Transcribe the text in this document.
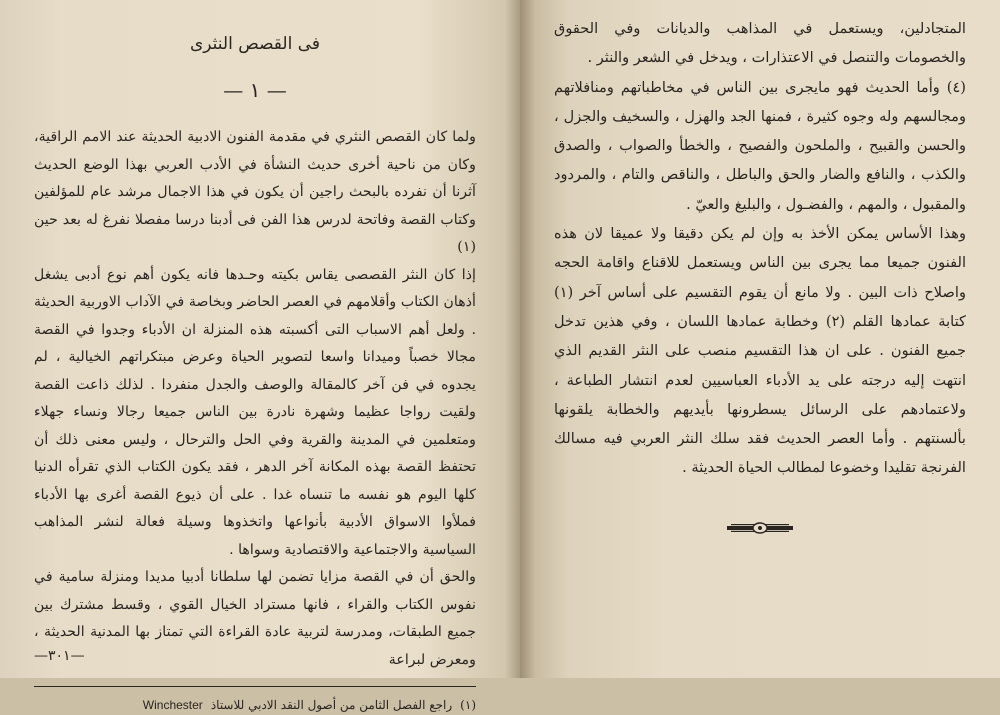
فى القصص النثرى
— ١ —

ولما كان القصص النثري في مقدمة الفنون الادبية الحديثة عند الامم الراقية، وكان من ناحية أخرى حديث النشأة في الأدب العربي بهذا الوضع الحديث آثرنا أن نفرده بالبحث راجين أن يكون في هذا الاجمال مرشد عام للمؤلفين وكتاب القصة وفاتحة لدرس هذا الفن فى أدبنا درسا مفصلا نفرغ له بعد حين (١)

إذا كان النثر القصصى يقاس بكيته وحـدها فانه يكون أهم نوع أدبى يشغل أذهان الكتاب وأقلامهم في العصر الحاضر وبخاصة في الآداب الاوربية الحديثة . ولعل أهم الاسباب التى أكسبته هذه المنزلة ان الأدباء وجدوا في القصة مجالا خصباً وميدانا واسعا لتصوير الحياة وعرض مبتكراتهم الخيالية ، لم يجدوه في فن آخر كالمقالة والوصف والجدل منفردا . لذلك ذاعت القصة ولقيت رواجا عظيما وشهرة نادرة بين الناس جميعا رجالا ونساء جهلاء ومتعلمين في المدينة والقرية وفي الحل والترحال ، وليس معنى ذلك أن تحتفظ القصة بهذه المكانة آخر الدهر ، فقد يكون الكتاب الذي تقرأه الدنيا كلها اليوم هو نفسه ما تنساه غدا . على أن ذيوع القصة أغرى بها الأدباء فملأوا الاسواق الأدبية بأنواعها واتخذوها وسيلة فعالة لنشر المذاهب السياسية والاجتماعية والاقتصادية وسواها .

والحق أن في القصة مزايا تضمن لها سلطانا أدبيا مديدا ومنزلة سامية في نفوس الكتاب والقراء ، فانها مستراد الخيال القوي ، وقسط مشترك بين جميع الطبقات، ومدرسة لتربية عادة القراءة التي تمتاز بها المدنية الحديثة ، ومعرض لبراعة

(١)
راجع الفصل الثامن من أصول النقد الادبي للاستاذ
Winchester
—٣٠١—

المتجادلين، ويستعمل في المذاهب والديانات وفي الحقوق والخصومات والتنصل في الاعتذارات ، ويدخل في الشعر والنثر .

(٤) وأما الحديث فهو مايجرى بين الناس في مخاطباتهم ومنافلاتهم ومجالسهم وله وجوه كثيرة ، فمنها الجد والهزل ، والسخيف والجزل ، والحسن والقبيح ، والملحون والفصيح ، والخطأ والصواب ، والصدق والكذب ، والنافع والضار والحق والباطل ، والناقص والتام ، والمردود والمقبول ، والمهم ، والفضـول ، والبليغ والعيّ .

وهذا الأساس يمكن الأخذ به وإن لم يكن دقيقا ولا عميقا لان هذه الفنون جميعا مما يجرى بين الناس ويستعمل للاقناع واقامة الحجه واصلاح ذات البين . ولا مانع أن يقوم التقسيم على أساس آخر (١) كتابة عمادها القلم (٢) وخطابة عمادها اللسان ، وفي هذين تدخل جميع الفنون . على ان هذا التقسيم منصب على النثر القديم الذي انتهت إليه درجته على يد الأدباء العباسيين لعدم انتشار الطباعة ، ولاعتمادهم على الرسائل يسطرونها بأيديهم والخطابة يلقونها بألسنتهم . وأما العصر الحديث فقد سلك النثر العربي فيه مسالك الفرنجة تقليدا وخضوعا لمطالب الحياة الحديثة .
